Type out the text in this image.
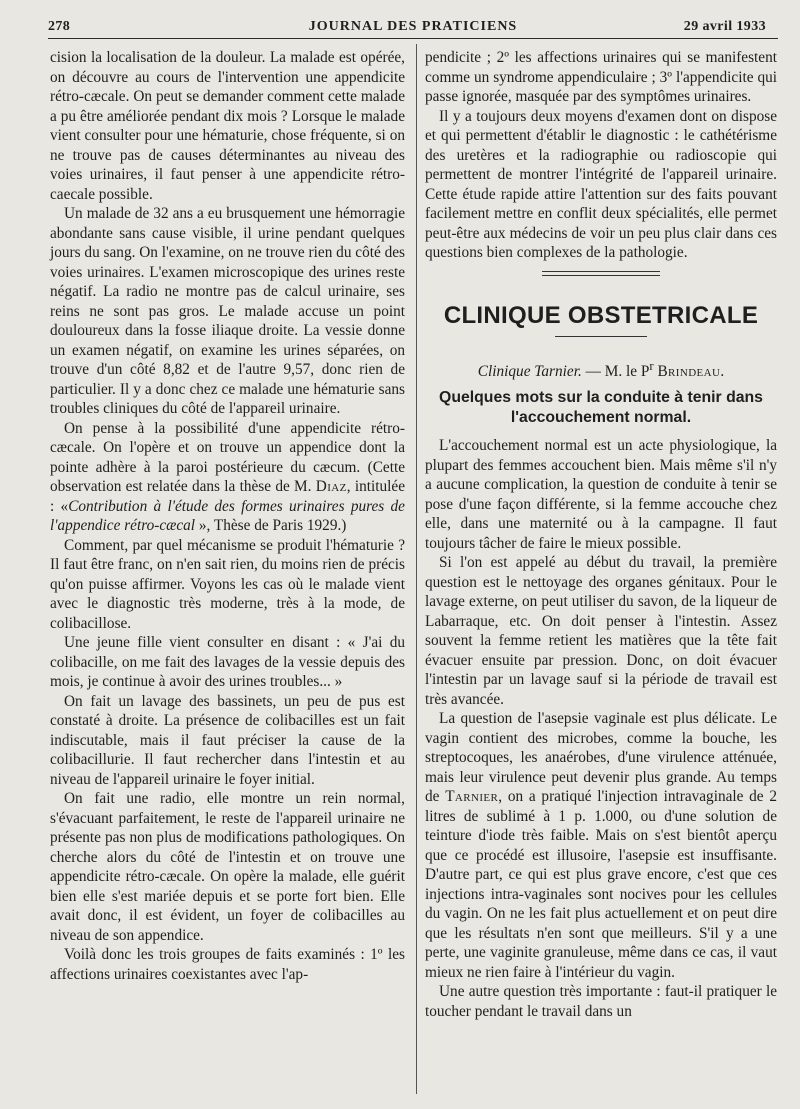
278	JOURNAL DES PRATICIENS	29 avril 1933

cision la localisation de la douleur. La malade est opérée, on découvre au cours de l'intervention une appendicite rétro-cæcale. On peut se demander comment cette malade a pu être améliorée pendant dix mois ? Lorsque le malade vient consulter pour une hématurie, chose fréquente, si on ne trouve pas de causes déterminantes au niveau des voies urinaires, il faut penser à une appendicite rétro-caecale possible.

Un malade de 32 ans a eu brusquement une hémorragie abondante sans cause visible, il urine pendant quelques jours du sang. On l'examine, on ne trouve rien du côté des voies urinaires. L'examen microscopique des urines reste négatif. La radio ne montre pas de calcul urinaire, ses reins ne sont pas gros. Le malade accuse un point douloureux dans la fosse iliaque droite. La vessie donne un examen négatif, on examine les urines séparées, on trouve d'un côté 8,82 et de l'autre 9,57, donc rien de particulier. Il y a donc chez ce malade une hématurie sans troubles cliniques du côté de l'appareil urinaire.

On pense à la possibilité d'une appendicite rétro-cæcale. On l'opère et on trouve un appendice dont la pointe adhère à la paroi postérieure du cæcum. (Cette observation est relatée dans la thèse de M. Diaz, intitulée : «Contribution à l'étude des formes urinaires pures de l'appendice rétro-cæcal », Thèse de Paris 1929.)

Comment, par quel mécanisme se produit l'hématurie ? Il faut être franc, on n'en sait rien, du moins rien de précis qu'on puisse affirmer. Voyons les cas où le malade vient avec le diagnostic très moderne, très à la mode, de colibacillose.

Une jeune fille vient consulter en disant : « J'ai du colibacille, on me fait des lavages de la vessie depuis des mois, je continue à avoir des urines troubles... »

On fait un lavage des bassinets, un peu de pus est constaté à droite. La présence de colibacilles est un fait indiscutable, mais il faut préciser la cause de la colibacillurie. Il faut rechercher dans l'intestin et au niveau de l'appareil urinaire le foyer initial.

On fait une radio, elle montre un rein normal, s'évacuant parfaitement, le reste de l'appareil urinaire ne présente pas non plus de modifications pathologiques. On cherche alors du côté de l'intestin et on trouve une appendicite rétro-cæcale. On opère la malade, elle guérit bien elle s'est mariée depuis et se porte fort bien. Elle avait donc, il est évident, un foyer de colibacilles au niveau de son appendice.

Voilà donc les trois groupes de faits examinés : 1º les affections urinaires coexistantes avec l'ap-

pendicite ; 2º les affections urinaires qui se manifestent comme un syndrome appendiculaire ; 3º l'appendicite qui passe ignorée, masquée par des symptômes urinaires.

Il y a toujours deux moyens d'examen dont on dispose et qui permettent d'établir le diagnostic : le cathétérisme des uretères et la radiographie ou radioscopie qui permettent de montrer l'intégrité de l'appareil urinaire. Cette étude rapide attire l'attention sur des faits pouvant facilement mettre en conflit deux spécialités, elle permet peut-être aux médecins de voir un peu plus clair dans ces questions bien complexes de la pathologie.

CLINIQUE OBSTETRICALE
Clinique Tarnier. — M. le $P^r$ Brindeau.
Quelques mots sur la conduite à tenir dans l'accouchement normal.

L'accouchement normal est un acte physiologique, la plupart des femmes accouchent bien. Mais même s'il n'y a aucune complication, la question de conduite à tenir se pose d'une façon différente, si la femme accouche chez elle, dans une maternité ou à la campagne. Il faut toujours tâcher de faire le mieux possible.

Si l'on est appelé au début du travail, la première question est le nettoyage des organes génitaux. Pour le lavage externe, on peut utiliser du savon, de la liqueur de Labarraque, etc. On doit penser à l'intestin. Assez souvent la femme retient les matières que la tête fait évacuer ensuite par pression. Donc, on doit évacuer l'intestin par un lavage sauf si la période de travail est très avancée.

La question de l'asepsie vaginale est plus délicate. Le vagin contient des microbes, comme la bouche, les streptocoques, les anaérobes, d'une virulence atténuée, mais leur virulence peut devenir plus grande. Au temps de Tarnier, on a pratiqué l'injection intravaginale de 2 litres de sublimé à 1 p. 1.000, ou d'une solution de teinture d'iode très faible. Mais on s'est bientôt aperçu que ce procédé est illusoire, l'asepsie est insuffisante. D'autre part, ce qui est plus grave encore, c'est que ces injections intra-vaginales sont nocives pour les cellules du vagin. On ne les fait plus actuellement et on peut dire que les résultats n'en sont que meilleurs. S'il y a une perte, une vaginite granuleuse, même dans ce cas, il vaut mieux ne rien faire à l'intérieur du vagin.

Une autre question très importante : faut-il pratiquer le toucher pendant le travail dans un
